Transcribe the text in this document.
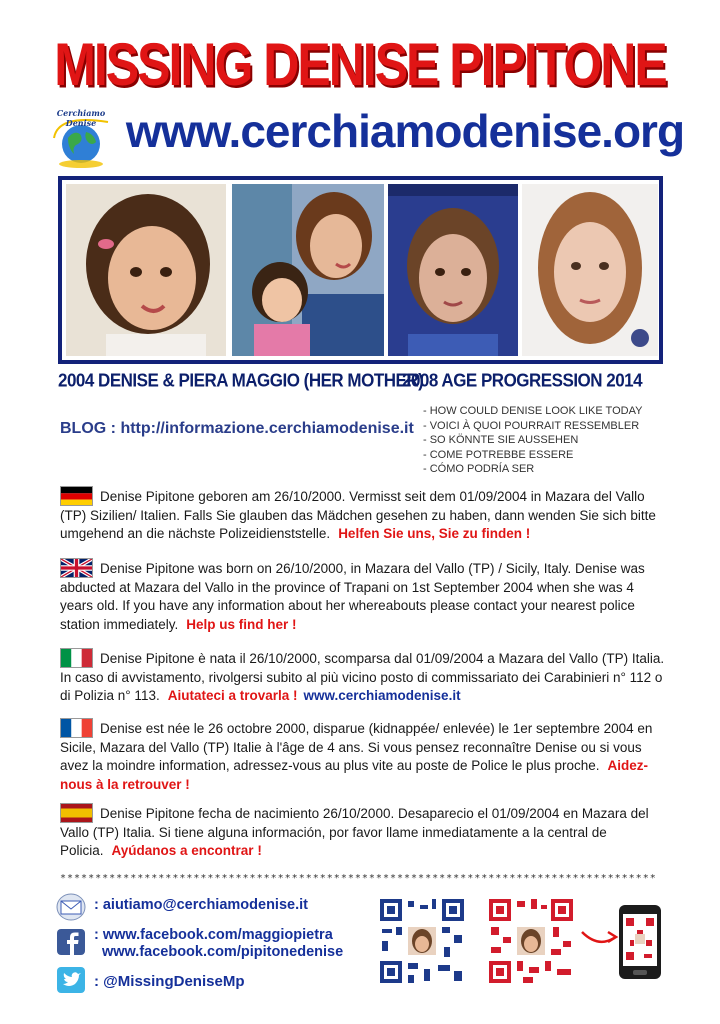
MISSING DENISE PIPITONE
Cerchiamo Denise www.cerchiamodenise.org
2004 DENISE & PIERA MAGGIO (HER MOTHER)
2008 AGE PROGRESSION 2014
BLOG : http://informazione.cerchiamodenise.it
- HOW COULD DENISE LOOK LIKE TODAY
- VOICI À QUOI POURRAIT RESSEMBLER
- SO KÖNNTE SIE AUSSEHEN
- COME POTREBBE ESSERE
- CÓMO PODRÍA SER
Denise Pipitone geboren am 26/10/2000. Vermisst seit dem 01/09/2004 in Mazara del Vallo (TP) Sizilien/ Italien. Falls Sie glauben das Mädchen gesehen zu haben, dann wenden Sie sich bitte umgehend an die nächste Polizeidienststelle. Helfen Sie uns, Sie zu finden !
Denise Pipitone was born on 26/10/2000, in Mazara del Vallo (TP) / Sicily, Italy. Denise was abducted at Mazara del Vallo in the province of Trapani on 1st September 2004 when she was 4 years old. If you have any information about her whereabouts please contact your nearest police station immediately. Help us find her !
Denise Pipitone è nata il 26/10/2000, scomparsa dal 01/09/2004 a Mazara del Vallo (TP) Italia. In caso di avvistamento, rivolgersi subito al più vicino posto di commissariato dei Carabinieri n° 112 o di Polizia n° 113. Aiutateci a trovarla ! www.cerchiamodenise.it
Denise est née le 26 octobre 2000, disparue (kidnappée/ enlevée) le 1er septembre 2004 en Sicile, Mazara del Vallo (TP) Italie à l'âge de 4 ans. Si vous pensez reconnaître Denise ou si vous avez la moindre information, adressez-vous au plus vite au poste de Police le plus proche. Aidez-nous à la retrouver !
Denise Pipitone fecha de nacimiento 26/10/2000. Desaparecio el 01/09/2004 en Mazara del Vallo (TP) Italia. Si tiene alguna información, por favor llame inmediatamente a la central de Policia. Ayúdanos a encontrar !
*************************************************************************************
: aiutiamo@cerchiamodenise.it
: www.facebook.com/maggiopietra
www.facebook.com/pipitonedenise
: @MissingDeniseMp
